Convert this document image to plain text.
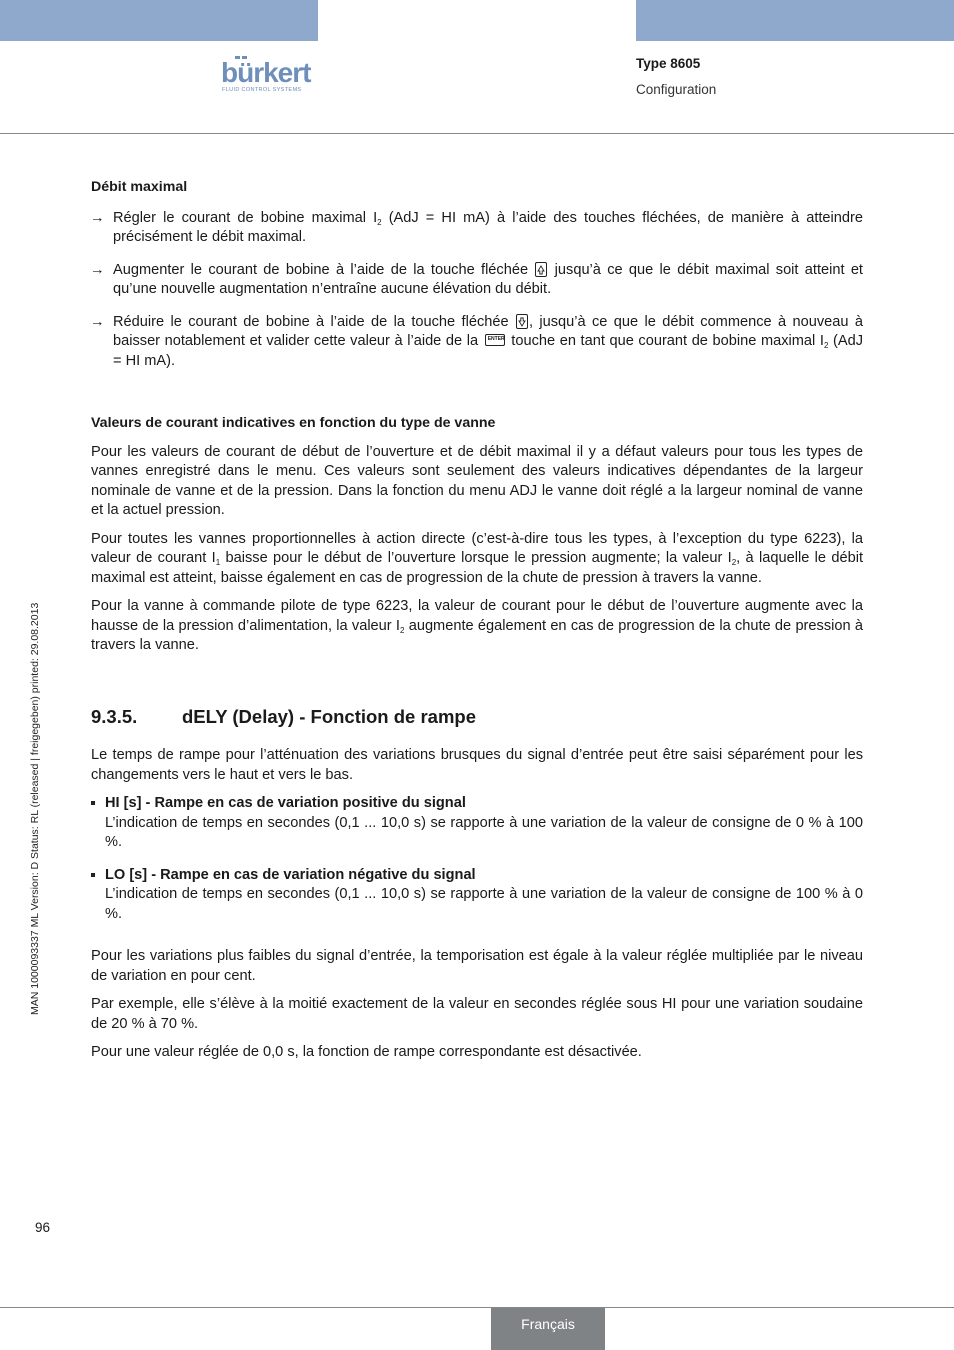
bürkert
FLUID CONTROL SYSTEMS
Type 8605
Configuration
MAN 1000093337 ML Version: D Status: RL (released | freigegeben) printed: 29.08.2013

Débit maximal

→ Régler le courant de bobine maximal $I_2$ (AdJ = HI mA) à l’aide des touches fléchées, de manière à atteindre précisément le débit maximal.

→ Augmenter le courant de bobine à l’aide de la touche fléchée
jusqu’à ce que le débit maximal soit atteint et qu’une nouvelle augmentation n’entraîne aucune élévation du débit.

→ Réduire le courant de bobine à l’aide de la touche fléchée
, jusqu’à ce que le débit commence à nouveau à baisser notablement et valider cette valeur à l’aide de la ENTER touche en tant que courant de bobine maximal $I_2$ (AdJ = HI mA).

Valeurs de courant indicatives en fonction du type de vanne

Pour les valeurs de courant de début de l’ouverture et de débit maximal il y a défaut valeurs pour tous les types de vannes enregistré dans le menu. Ces valeurs sont seulement des valeurs indicatives dépendantes de la largeur nominale de vanne et de la pression. Dans la fonction du menu ADJ le vanne doit réglé a la largeur nominal de vanne et la actuel pression.

Pour toutes les vannes proportionnelles à action directe (c’est-à-dire tous les types, à l’exception du type 6223), la valeur de courant $I_1$ baisse pour le début de l’ouverture lorsque le pression augmente; la valeur $I_2$, à laquelle le débit maximal est atteint, baisse également en cas de progression de la chute de pression à travers la vanne.

Pour la vanne à commande pilote de type 6223, la valeur de courant pour le début de l’ouverture augmente avec la hausse de la pression d’alimentation, la valeur $I_2$ augmente également en cas de progression de la chute de pression à travers la vanne.

9.3.5.	dELY (Delay) - Fonction de rampe

Le temps de rampe pour l’atténuation des variations brusques du signal d’entrée peut être saisi séparément pour les changements vers le haut et vers le bas.

HI [s] - Rampe en cas de variation positive du signal

L’indication de temps en secondes (0,1 ... 10,0 s) se rapporte à une variation de la valeur de consigne de 0 % à 100 %.

LO [s] - Rampe en cas de variation négative du signal

L’indication de temps en secondes (0,1 ... 10,0 s) se rapporte à une variation de la valeur de consigne de 100 % à 0 %.

Pour les variations plus faibles du signal d’entrée, la temporisation est égale à la valeur réglée multipliée par le niveau de variation en pour cent.

Par exemple, elle s’élève à la moitié exactement de la valeur en secondes réglée sous HI pour une variation soudaine de 20 % à 70 %.

Pour une valeur réglée de 0,0 s, la fonction de rampe correspondante est désactivée.

96
Français
